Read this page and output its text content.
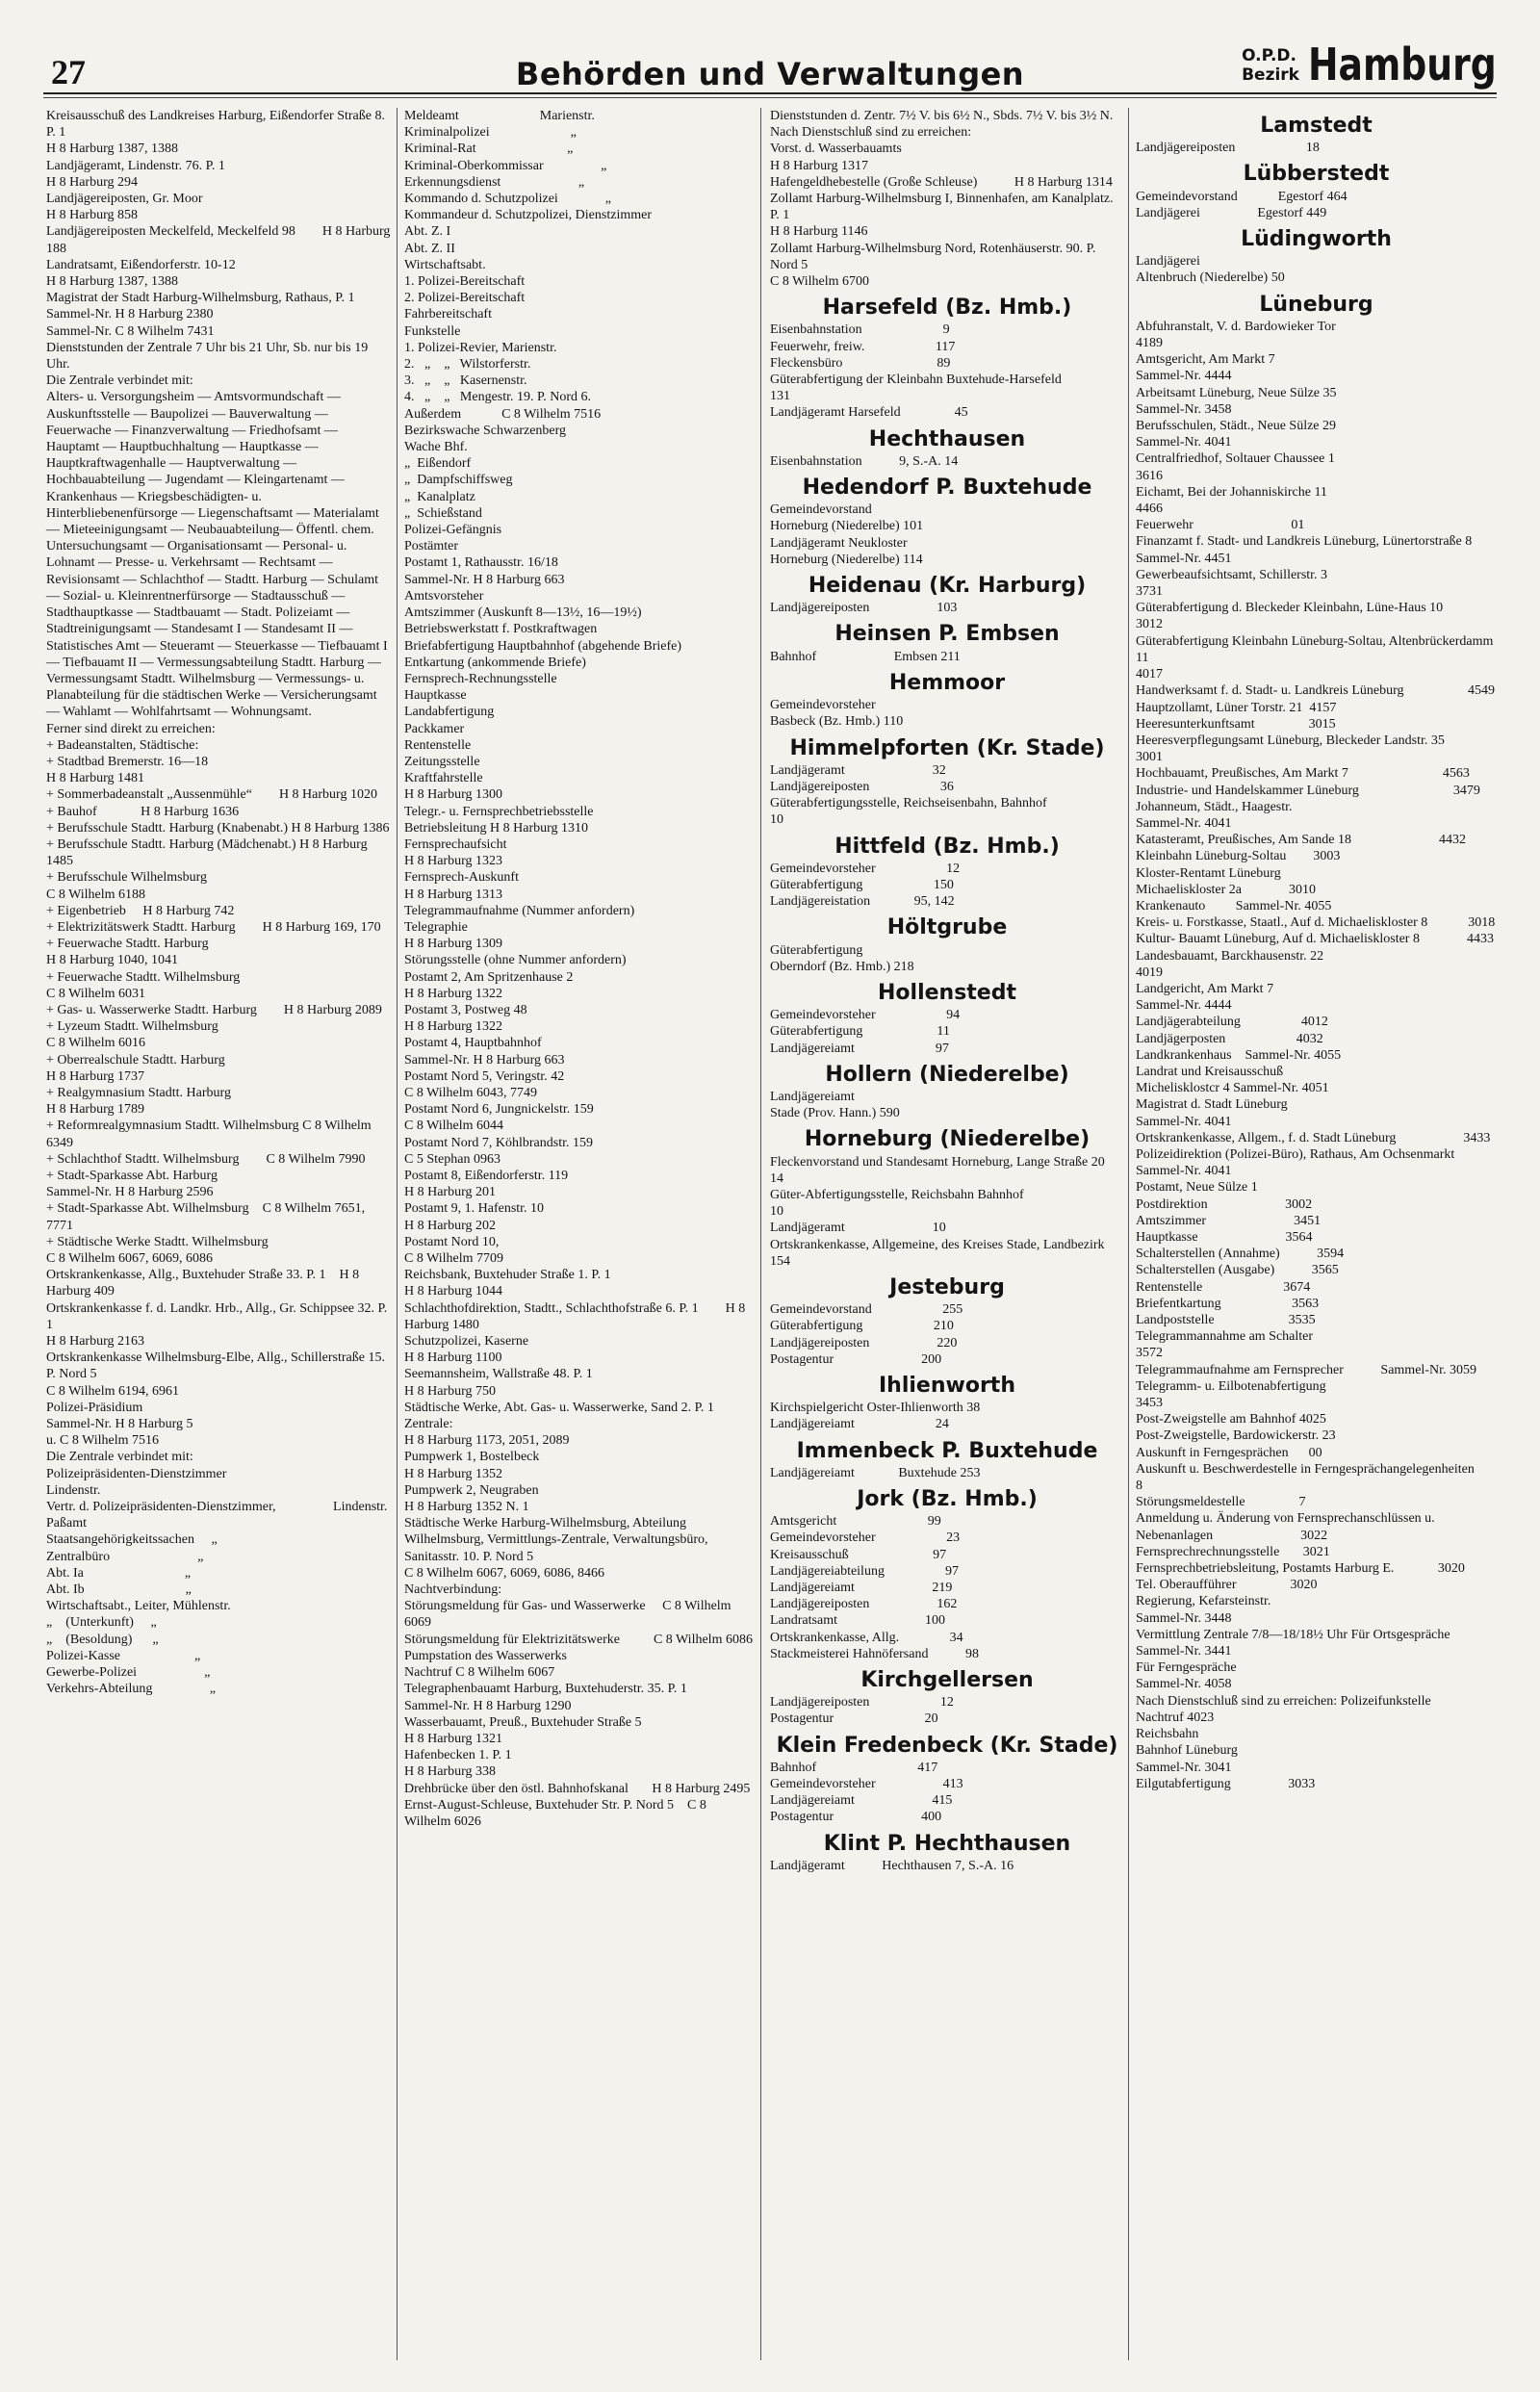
27	Behörden und Verwaltungen	O.P.D.
Bezirk Hamburg
Kreisausschuß des Landkreises Harburg, Eißendorfer Straße 8. P. 1
H 8 Harburg 1387, 1388
Landjägeramt, Lindenstr. 76. P. 1
H 8 Harburg 294
Landjägereiposten, Gr. Moor
H 8 Harburg 858
Landjägereiposten Meckelfeld, Meckelfeld 98        H 8 Harburg 188
Landratsamt, Eißendorferstr. 10-12
H 8 Harburg 1387, 1388
Magistrat der Stadt Harburg-Wilhelmsburg, Rathaus, P. 1
Sammel-Nr. H 8 Harburg 2380
Sammel-Nr. C 8 Wilhelm 7431
Dienststunden der Zentrale 7 Uhr bis 21 Uhr, Sb. nur bis 19 Uhr.
Die Zentrale verbindet mit:
Alters- u. Versorgungsheim — Amtsvormundschaft — Auskunftsstelle — Baupolizei — Bauverwaltung — Feuerwache — Finanzverwaltung — Friedhofsamt — Hauptamt — Hauptbuchhaltung — Hauptkasse — Hauptkraftwagenhalle — Hauptverwaltung — Hochbauabteilung — Jugendamt — Kleingartenamt — Krankenhaus — Kriegsbeschädigten- u. Hinterbliebenenfürsorge — Liegenschaftsamt — Materialamt — Mieteeinigungsamt — Neubauabteilung— Öffentl. chem. Untersuchungsamt — Organisationsamt — Personal- u. Lohnamt — Presse- u. Verkehrsamt — Rechtsamt — Revisionsamt — Schlachthof — Stadtt. Harburg — Schulamt — Sozial- u. Kleinrentnerfürsorge — Stadtausschuß — Stadthauptkasse — Stadtbauamt — Stadt. Polizeiamt — Stadtreinigungsamt — Standesamt I — Standesamt II — Statistisches Amt — Steueramt — Steuerkasse — Tiefbauamt I — Tiefbauamt II — Vermessungsabteilung Stadtt. Harburg — Vermessungsamt Stadtt. Wilhelmsburg — Vermessungs- u. Planabteilung für die städtischen Werke — Versicherungsamt — Wahlamt — Wohlfahrtsamt — Wohnungsamt.
Ferner sind direkt zu erreichen:
+ Badeanstalten, Städtische:
+ Stadtbad Bremerstr. 16—18
H 8 Harburg 1481
+ Sommerbadeanstalt „Aussenmühle“        H 8 Harburg 1020
+ Bauhof             H 8 Harburg 1636
+ Berufsschule Stadtt. Harburg (Knabenabt.) H 8 Harburg 1386
+ Berufsschule Stadtt. Harburg (Mädchenabt.) H 8 Harburg 1485
+ Berufsschule Wilhelmsburg
C 8 Wilhelm 6188
+ Eigenbetrieb     H 8 Harburg 742
+ Elektrizitätswerk Stadtt. Harburg        H 8 Harburg 169, 170
+ Feuerwache Stadtt. Harburg
H 8 Harburg 1040, 1041
+ Feuerwache Stadtt. Wilhelmsburg
C 8 Wilhelm 6031
+ Gas- u. Wasserwerke Stadtt. Harburg        H 8 Harburg 2089
+ Lyzeum Stadtt. Wilhelmsburg
C 8 Wilhelm 6016
+ Oberrealschule Stadtt. Harburg
H 8 Harburg 1737
+ Realgymnasium Stadtt. Harburg
H 8 Harburg 1789
+ Reformrealgymnasium Stadtt. Wilhelmsburg C 8 Wilhelm 6349
+ Schlachthof Stadtt. Wilhelmsburg        C 8 Wilhelm 7990
+ Stadt-Sparkasse Abt. Harburg
Sammel-Nr. H 8 Harburg 2596
+ Stadt-Sparkasse Abt. Wilhelmsburg    C 8 Wilhelm 7651, 7771
+ Städtische Werke Stadtt. Wilhelmsburg
C 8 Wilhelm 6067, 6069, 6086
Ortskrankenkasse, Allg., Buxtehuder Straße 33. P. 1    H 8 Harburg 409
Ortskrankenkasse f. d. Landkr. Hrb., Allg., Gr. Schippsee 32. P. 1
H 8 Harburg 2163
Ortskrankenkasse Wilhelmsburg-Elbe, Allg., Schillerstraße 15. P. Nord 5
C 8 Wilhelm 6194, 6961
Polizei-Präsidium
Sammel-Nr. H 8 Harburg 5
u. C 8 Wilhelm 7516
Die Zentrale verbindet mit:
Polizeipräsidenten-Dienstzimmer
Lindenstr.
Vertr. d. Polizeipräsidenten-Dienstzimmer,                 Lindenstr.
Paßamt
Staatsangehörigkeitssachen     „
Zentralbüro                          „
Abt. Ia                              „
Abt. Ib                              „
Wirtschaftsabt., Leiter, Mühlenstr.
„    (Unterkunft)     „
„    (Besoldung)      „
Polizei-Kasse                      „
Gewerbe-Polizei                    „
Verkehrs-Abteilung                 „
Meldeamt                        Marienstr.
Kriminalpolizei                        „
Kriminal-Rat                           „
Kriminal-Oberkommissar                 „
Erkennungsdienst                       „
Kommando d. Schutzpolizei              „
Kommandeur d. Schutzpolizei, Dienstzimmer
Abt. Z. I
Abt. Z. II
Wirtschaftsabt.
1. Polizei-Bereitschaft
2. Polizei-Bereitschaft
Fahrbereitschaft
Funkstelle
1. Polizei-Revier, Marienstr.
2.   „    „   Wilstorferstr.
3.   „    „   Kasernenstr.
4.   „    „   Mengestr. 19. P. Nord 6.
Außerdem            C 8 Wilhelm 7516
Bezirkswache Schwarzenberg
Wache Bhf.
„  Eißendorf
„  Dampfschiffsweg
„  Kanalplatz
„  Schießstand
Polizei-Gefängnis
Postämter
Postamt 1, Rathausstr. 16/18
Sammel-Nr. H 8 Harburg 663
Amtsvorsteher
Amtszimmer (Auskunft 8—13½, 16—19½)
Betriebswerkstatt f. Postkraftwagen
Briefabfertigung Hauptbahnhof (abgehende Briefe)
Entkartung (ankommende Briefe)
Fernsprech-Rechnungsstelle
Hauptkasse
Landabfertigung
Packkamer
Rentenstelle
Zeitungsstelle
Kraftfahrstelle
H 8 Harburg 1300
Telegr.- u. Fernsprechbetriebsstelle
Betriebsleitung H 8 Harburg 1310
Fernsprechaufsicht
H 8 Harburg 1323
Fernsprech-Auskunft
H 8 Harburg 1313
Telegrammaufnahme (Nummer anfordern)
Telegraphie
H 8 Harburg 1309
Störungsstelle (ohne Nummer anfordern)
Postamt 2, Am Spritzenhause 2
H 8 Harburg 1322
Postamt 3, Postweg 48
H 8 Harburg 1322
Postamt 4, Hauptbahnhof
Sammel-Nr. H 8 Harburg 663
Postamt Nord 5, Veringstr. 42
C 8 Wilhelm 6043, 7749
Postamt Nord 6, Jungnickelstr. 159
C 8 Wilhelm 6044
Postamt Nord 7, Köhlbrandstr. 159
C 5 Stephan 0963
Postamt 8, Eißendorferstr. 119
H 8 Harburg 201
Postamt 9, 1. Hafenstr. 10
H 8 Harburg 202
Postamt Nord 10,
C 8 Wilhelm 7709
Reichsbank, Buxtehuder Straße 1. P. 1
H 8 Harburg 1044
Schlachthofdirektion, Stadtt., Schlachthofstraße 6. P. 1        H 8 Harburg 1480
Schutzpolizei, Kaserne
H 8 Harburg 1100
Seemannsheim, Wallstraße 48. P. 1
H 8 Harburg 750
Städtische Werke, Abt. Gas- u. Wasserwerke, Sand 2. P. 1
Zentrale:
H 8 Harburg 1173, 2051, 2089
Pumpwerk 1, Bostelbeck
H 8 Harburg 1352
Pumpwerk 2, Neugraben
H 8 Harburg 1352 N. 1
Städtische Werke Harburg-Wilhelmsburg, Abteilung Wilhelmsburg, Vermittlungs-Zentrale, Verwaltungsbüro, Sanitasstr. 10. P. Nord 5
C 8 Wilhelm 6067, 6069, 6086, 8466
Nachtverbindung:
Störungsmeldung für Gas- und Wasserwerke     C 8 Wilhelm 6069
Störungsmeldung für Elektrizitätswerke          C 8 Wilhelm 6086
Pumpstation des Wasserwerks
Nachtruf C 8 Wilhelm 6067
Telegraphenbauamt Harburg, Buxtehuderstr. 35. P. 1
Sammel-Nr. H 8 Harburg 1290
Wasserbauamt, Preuß., Buxtehuder Straße 5
H 8 Harburg 1321
Hafenbecken 1. P. 1
H 8 Harburg 338
Drehbrücke über den östl. Bahnhofskanal       H 8 Harburg 2495
Ernst-August-Schleuse, Buxtehuder Str. P. Nord 5    C 8 Wilhelm 6026
Dienststunden d. Zentr. 7½ V. bis 6½ N., Sbds. 7½ V. bis 3½ N.
Nach Dienstschluß sind zu erreichen:
Vorst. d. Wasserbauamts
H 8 Harburg 1317
Hafengeldhebestelle (Große Schleuse)           H 8 Harburg 1314
Zollamt Harburg-Wilhelmsburg I, Binnenhafen, am Kanalplatz. P. 1
H 8 Harburg 1146
Zollamt Harburg-Wilhelmsburg Nord, Rotenhäuserstr. 90. P. Nord 5
C 8 Wilhelm 6700
Harsefeld (Bz. Hmb.)
Eisenbahnstation                        9
Feuerwehr, freiw.                     117
Fleckensbüro                            89
Güterabfertigung der Kleinbahn Buxtehude-Harsefeld               131
Landjägeramt Harsefeld                45
Hechthausen
Eisenbahnstation           9, S.-A. 14
Hedendorf P. Buxtehude
Gemeindevorstand
Horneburg (Niederelbe) 101
Landjägeramt Neukloster
Horneburg (Niederelbe) 114
Heidenau (Kr. Harburg)
Landjägereiposten                    103
Heinsen P. Embsen
Bahnhof                       Embsen 211
Hemmoor
Gemeindevorsteher
Basbeck (Bz. Hmb.) 110
Himmelpforten (Kr. Stade)
Landjägeramt                          32
Landjägereiposten                     36
Güterabfertigungsstelle, Reichseisenbahn, Bahnhof                      10
Hittfeld (Bz. Hmb.)
Gemeindevorsteher                     12
Güterabfertigung                     150
Landjägereistation             95, 142
Höltgrube
Güterabfertigung
Oberndorf (Bz. Hmb.) 218
Hollenstedt
Gemeindevorsteher                     94
Güterabfertigung                      11
Landjägereiamt                        97
Hollern (Niederelbe)
Landjägereiamt
Stade (Prov. Hann.) 590
Horneburg (Niederelbe)
Fleckenvorstand und Standesamt Horneburg, Lange Straße 20     14
Güter-Abfertigungsstelle, Reichsbahn Bahnhof                           10
Landjägeramt                          10
Ortskrankenkasse, Allgemeine, des Kreises Stade, Landbezirk          154
Jesteburg
Gemeindevorstand                     255
Güterabfertigung                     210
Landjägereiposten                    220
Postagentur                          200
Ihlienworth
Kirchspielgericht Oster-Ihlienworth 38
Landjägereiamt                        24
Immenbeck P. Buxtehude
Landjägereiamt             Buxtehude 253
Jork (Bz. Hmb.)
Amtsgericht                           99
Gemeindevorsteher                     23
Kreisausschuß                         97
Landjägereiabteilung                  97
Landjägereiamt                       219
Landjägereiposten                    162
Landratsamt                          100
Ortskrankenkasse, Allg.               34
Stackmeisterei Hahnöfersand           98
Kirchgellersen
Landjägereiposten                     12
Postagentur                           20
Klein Fredenbeck (Kr. Stade)
Bahnhof                              417
Gemeindevorsteher                    413
Landjägereiamt                       415
Postagentur                          400
Klint P. Hechthausen
Landjägeramt           Hechthausen 7, S.-A. 16
Lamstedt
Landjägereiposten                     18
Lübberstedt
Gemeindevorstand            Egestorf 464
Landjägerei                 Egestorf 449
Lüdingworth
Landjägerei
Altenbruch (Niederelbe) 50
Lüneburg
Abfuhranstalt, V. d. Bardowieker Tor
4189
Amtsgericht, Am Markt 7
Sammel-Nr. 4444
Arbeitsamt Lüneburg, Neue Sülze 35
Sammel-Nr. 3458
Berufsschulen, Städt., Neue Sülze 29
Sammel-Nr. 4041
Centralfriedhof, Soltauer Chaussee 1
3616
Eichamt, Bei der Johanniskirche 11
4466
Feuerwehr                             01
Finanzamt f. Stadt- und Landkreis Lüneburg, Lünertorstraße 8
Sammel-Nr. 4451
Gewerbeaufsichtsamt, Schillerstr. 3
3731
Güterabfertigung d. Bleckeder Kleinbahn, Lüne-Haus 10              3012
Güterabfertigung Kleinbahn Lüneburg-Soltau, Altenbrückerdamm 11
4017
Handwerksamt f. d. Stadt- u. Landkreis Lüneburg                   4549
Hauptzollamt, Lüner Torstr. 21  4157
Heeresunterkunftsamt                3015
Heeresverpflegungsamt Lüneburg, Bleckeder Landstr. 35           3001
Hochbauamt, Preußisches, Am Markt 7                            4563
Industrie- und Handelskammer Lüneburg                            3479
Johanneum, Städt., Haagestr.
Sammel-Nr. 4041
Katasteramt, Preußisches, Am Sande 18                          4432
Kleinbahn Lüneburg-Soltau        3003
Kloster-Rentamt Lüneburg
Michaeliskloster 2a              3010
Krankenauto         Sammel-Nr. 4055
Kreis- u. Forstkasse, Staatl., Auf d. Michaeliskloster 8            3018
Kultur- Bauamt Lüneburg, Auf d. Michaeliskloster 8              4433
Landesbauamt, Barckhausenstr. 22
4019
Landgericht, Am Markt 7
Sammel-Nr. 4444
Landjägerabteilung                  4012
Landjägerposten                     4032
Landkrankenhaus    Sammel-Nr. 4055
Landrat und Kreisausschuß
Michelisklostcr 4 Sammel-Nr. 4051
Magistrat d. Stadt Lüneburg
Sammel-Nr. 4041
Ortskrankenkasse, Allgem., f. d. Stadt Lüneburg                    3433
Polizeidirektion (Polizei-Büro), Rathaus, Am Ochsenmarkt
Sammel-Nr. 4041
Postamt, Neue Sülze 1
Postdirektion                       3002
Amtszimmer                          3451
Hauptkasse                          3564
Schalterstellen (Annahme)           3594
Schalterstellen (Ausgabe)           3565
Rentenstelle                        3674
Briefentkartung                     3563
Landpoststelle                      3535
Telegrammannahme am Schalter
3572
Telegrammaufnahme am Fernsprecher           Sammel-Nr. 3059
Telegramm- u. Eilbotenabfertigung
3453
Post-Zweigstelle am Bahnhof 4025
Post-Zweigstelle, Bardowickerstr. 23
Auskunft in Ferngesprächen      00
Auskunft u. Beschwerdestelle in Ferngesprächangelegenheiten        8
Störungsmeldestelle                7
Anmeldung u. Änderung von Fernsprechanschlüssen u. Nebenanlagen                          3022
Fernsprechrechnungsstelle       3021
Fernsprechbetriebsleitung, Postamts Harburg E.             3020
Tel. Oberaufführer                3020
Regierung, Kefarsteinstr.
Sammel-Nr. 3448
Vermittlung Zentrale 7/8—18/18½ Uhr Für Ortsgespräche Sammel-Nr. 3441
Für Ferngespräche
Sammel-Nr. 4058
Nach Dienstschluß sind zu erreichen: Polizeifunkstelle         Nachtruf 4023
Reichsbahn
Bahnhof Lüneburg
Sammel-Nr. 3041
Eilgutabfertigung                 3033
